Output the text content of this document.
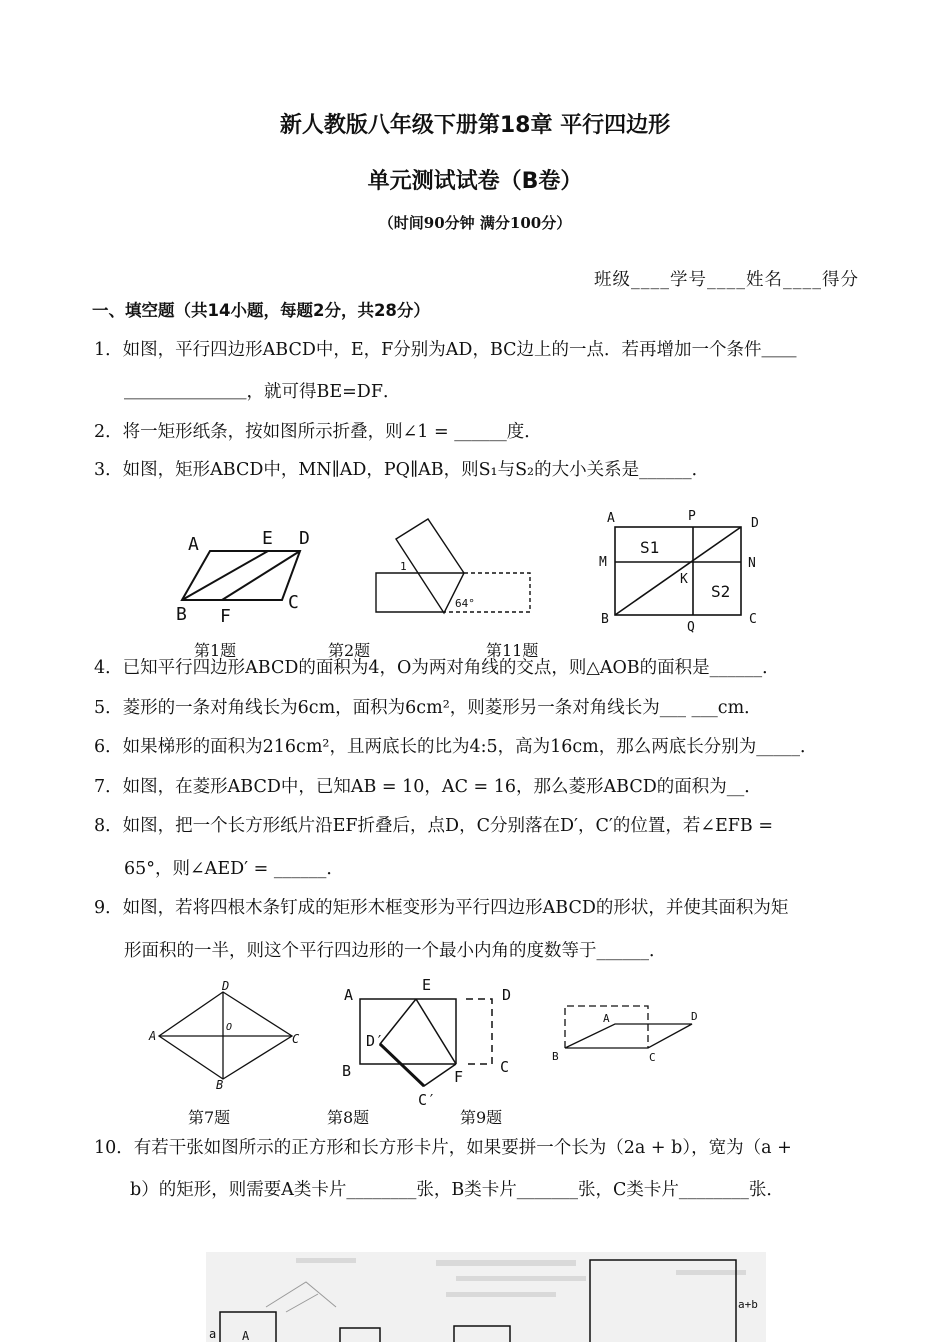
新人教版八年级下册第18章 平行四边形
单元测试试卷（B卷）
（时间90分钟 满分100分）
班级____学号____姓名____得分
一、填空题（共14小题，每题2分，共28分）
1．如图，平行四边形ABCD中，E，F分别为AD，BC边上的一点．若再增加一个条件＿＿
＿＿＿＿＿＿＿，就可得BE=DF．
2．将一矩形纸条，按如图所示折叠，则∠1 = ______度．
3．如图，矩形ABCD中，MN∥AD，PQ∥AB，则S₁与S₂的大小关系是______．
A	E D
B F
C
第1题
1
64°
第2题
A	P	D
M
S1
N
K
S2
B
Q
C
第11题
4．已知平行四边形ABCD的面积为4，O为两对角线的交点，则△AOB的面积是______．
5．菱形的一条对角线长为6cm，面积为6cm²，则菱形另一条对角线长为___ ___cm．
6．如果梯形的面积为216cm²，且两底长的比为4:5，高为16cm，那么两底长分别为_____．
7．如图，在菱形ABCD中，已知AB = 10，AC = 16，那么菱形ABCD的面积为__．
8．如图，把一个长方形纸片沿EF折叠后，点D，C分别落在D′，C′的位置，若∠EFB =
65°，则∠AED′ = ______．
9．如图，若将四根木条钉成的矩形木框变形为平行四边形ABCD的形状，并使其面积为矩
形面积的一半，则这个平行四边形的一个最小内角的度数等于______．
D
A
O
C
B
第7题
A
E
D
D′
B	F
C
C′
第8题
A	D
B	C
第9题
10．有若干张如图所示的正方形和长方形卡片，如果要拼一个长为（2a + b），宽为（a +
b）的矩形，则需要A类卡片________张，B类卡片_______张，C类卡片________张．
a A
a+b
